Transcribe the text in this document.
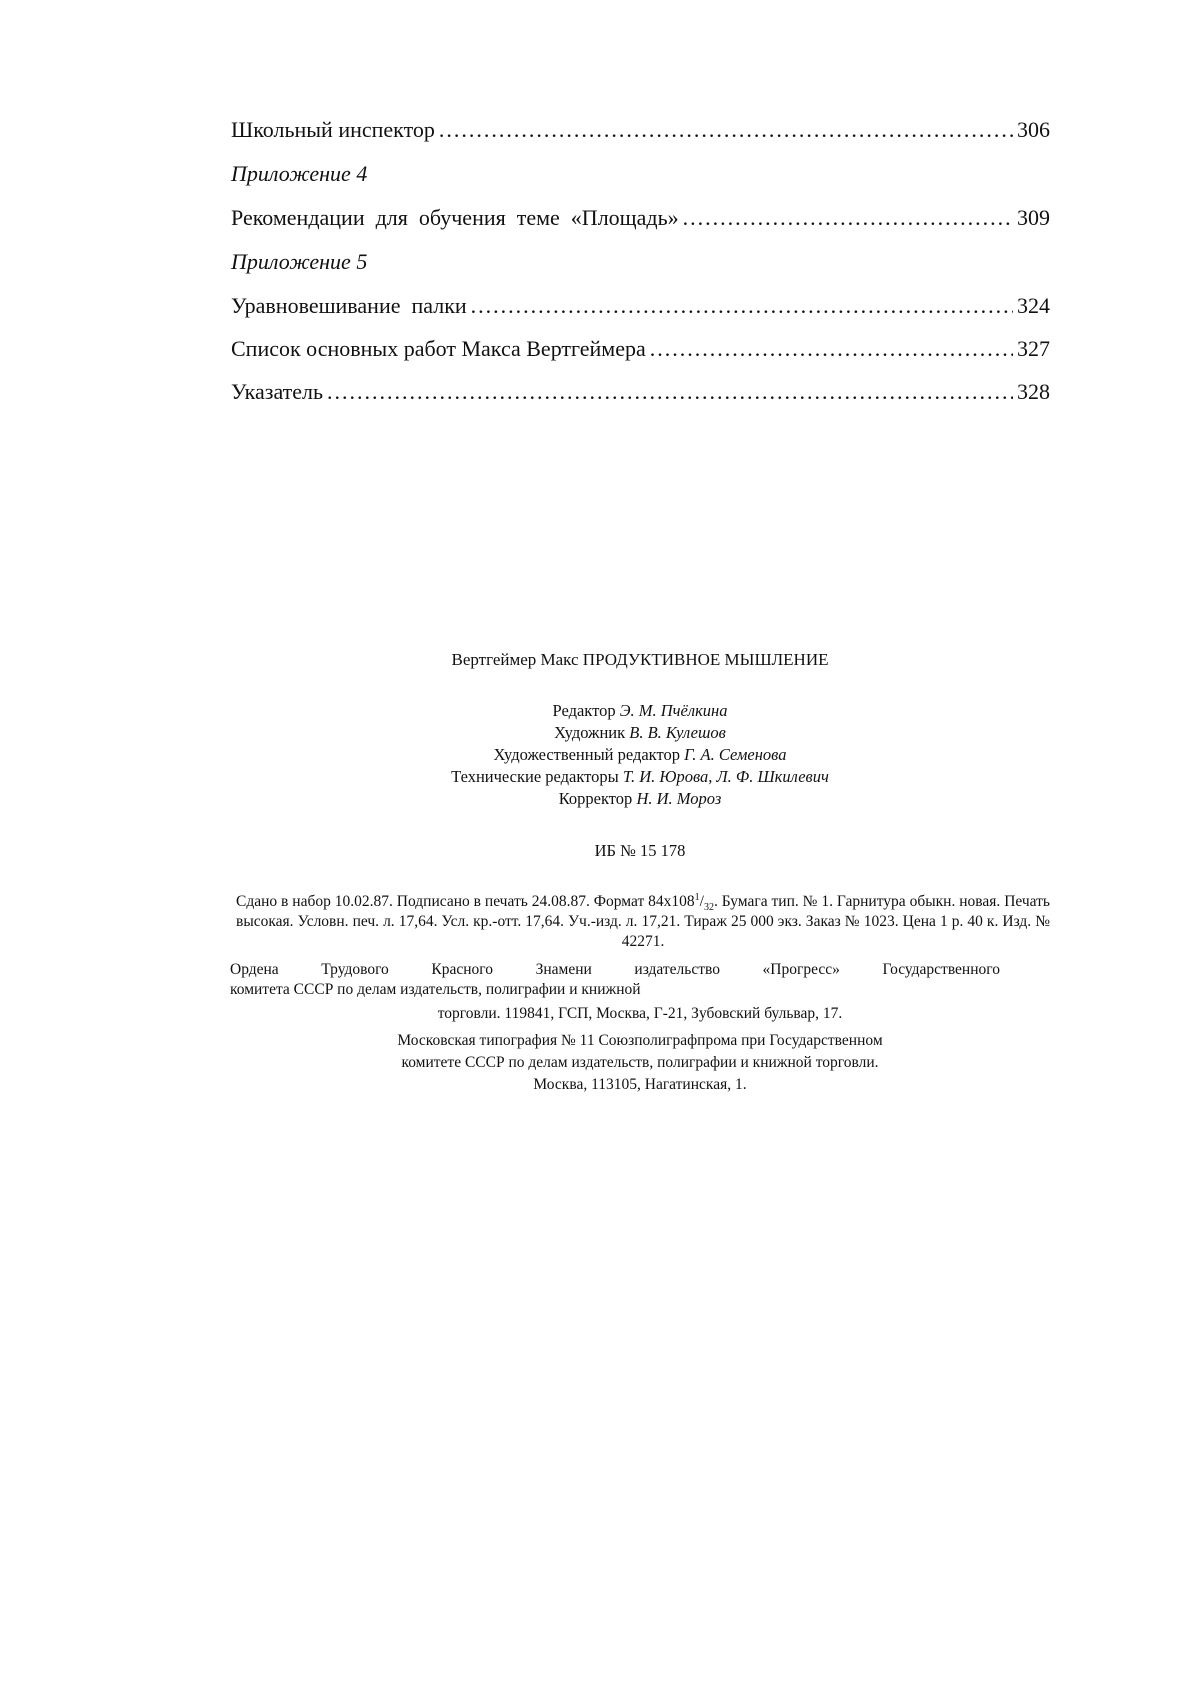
Школьный инспектор .....	306
Приложение 4
Рекомендации  для  обучения  теме  «Площадь» .....	309
Приложение 5
Уравновешивание  палки .....	324
Список основных работ Макса Вертгеймера .....	327
Указатель .....	328
Вертгеймер Макс ПРОДУКТИВНОЕ МЫШЛЕНИЕ
Редактор Э. М. Пчёлкина
Художник В. В. Кулешов
Художественный редактор Г. А. Семенова
Технические редакторы Т. И. Юрова, Л. Ф. Шкилевич
Корректор Н. И. Мороз
ИБ № 15 178
Сдано в набор 10.02.87. Подписано в печать 24.08.87. Формат $84x108^1/_{32}$. Бумага тип. № 1. Гарнитура обыкн. новая. Печать высокая. Условн. печ. л. 17,64. Усл. кр.-отт. 17,64. Уч.-изд. л. 17,21. Тираж 25 000 экз. Заказ № 1023. Цена 1 р. 40 к. Изд. № 42271.
Ордена Трудового Красного Знамени издательство «Прогресс» Государственного
комитета СССР по делам издательств, полиграфии и книжной
торговли. 119841, ГСП, Москва, Г-21, Зубовский бульвар, 17.
Московская типография № 11 Союзполиграфпрома при Государственном
комитете СССР по делам издательств, полиграфии и книжной торговли.
Москва, 113105, Нагатинская, 1.
